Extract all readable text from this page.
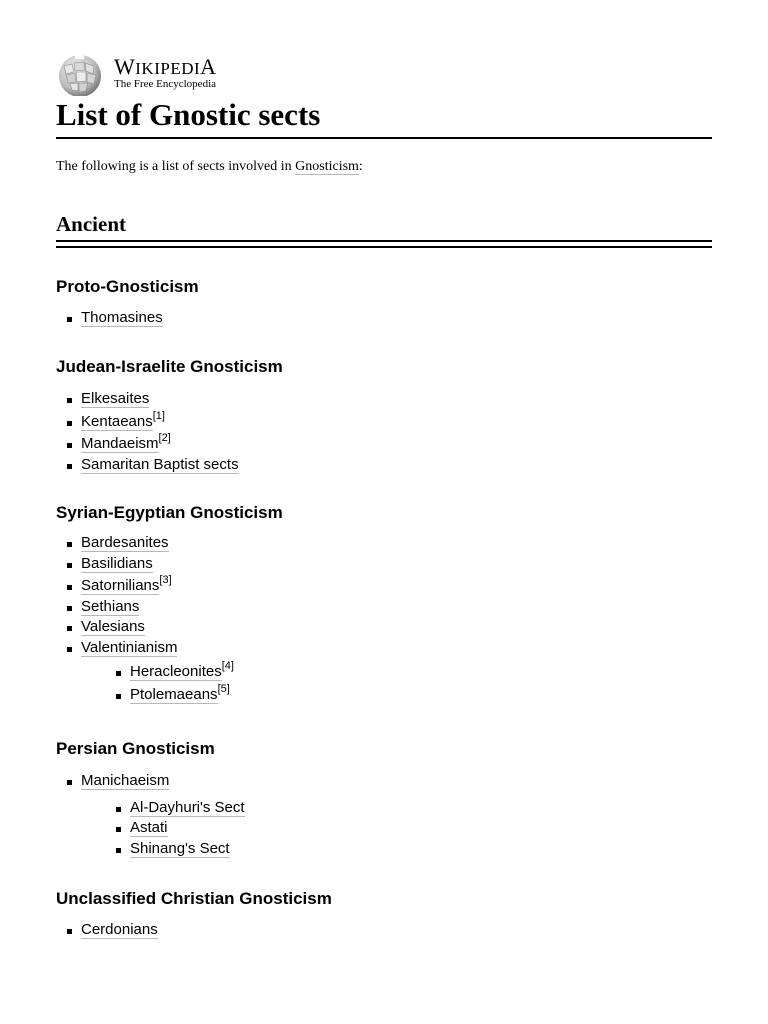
WIKIPEDIA
The Free Encyclopedia
List of Gnostic sects

The following is a list of sects involved in Gnosticism:

Ancient
Proto-Gnosticism
Thomasines
Judean-Israelite Gnosticism
Elkesaites
Kentaeans[1]
Mandaeism[2]
Samaritan Baptist sects
Syrian-Egyptian Gnosticism
Bardesanites
Basilidians
Satornilians[3]
Sethians
Valesians
Valentinianism
Heracleonites[4]
Ptolemaeans[5]
Persian Gnosticism
Manichaeism
Al-Dayhuri's Sect
Astati
Shinang's Sect
Unclassified Christian Gnosticism
Cerdonians
